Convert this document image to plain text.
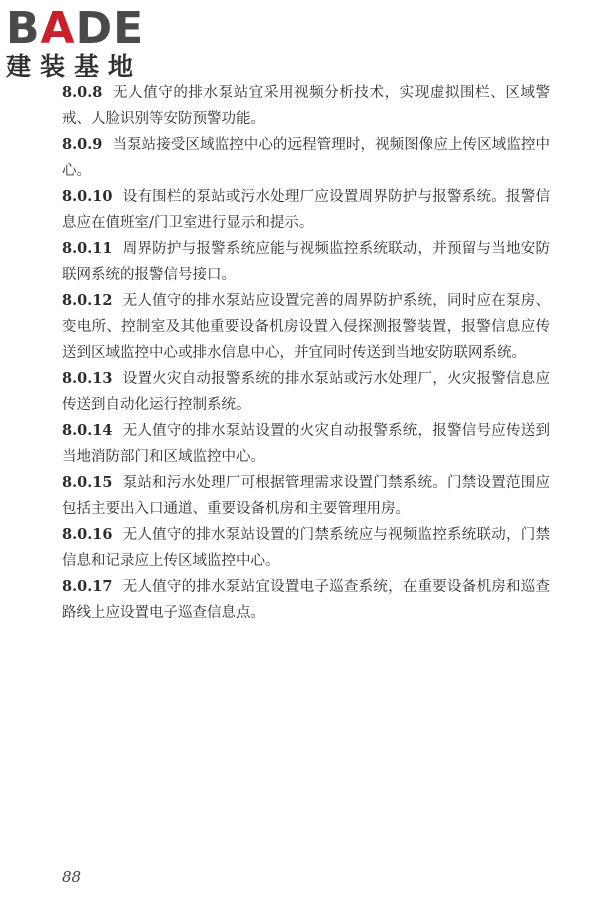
BADE
建装基地

8.0.8 无人值守的排水泵站宜采用视频分析技术，实现虚拟围栏、区域警戒、人脸识别等安防预警功能。

8.0.9 当泵站接受区域监控中心的远程管理时，视频图像应上传区域监控中心。

8.0.10 设有围栏的泵站或污水处理厂应设置周界防护与报警系统。报警信息应在值班室/门卫室进行显示和提示。

8.0.11 周界防护与报警系统应能与视频监控系统联动，并预留与当地安防联网系统的报警信号接口。

8.0.12 无人值守的排水泵站应设置完善的周界防护系统，同时应在泵房、变电所、控制室及其他重要设备机房设置入侵探测报警装置，报警信息应传送到区域监控中心或排水信息中心，并宜同时传送到当地安防联网系统。

8.0.13 设置火灾自动报警系统的排水泵站或污水处理厂，火灾报警信息应传送到自动化运行控制系统。

8.0.14 无人值守的排水泵站设置的火灾自动报警系统，报警信号应传送到当地消防部门和区域监控中心。

8.0.15 泵站和污水处理厂可根据管理需求设置门禁系统。门禁设置范围应包括主要出入口通道、重要设备机房和主要管理用房。

8.0.16 无人值守的排水泵站设置的门禁系统应与视频监控系统联动，门禁信息和记录应上传区域监控中心。

8.0.17 无人值守的排水泵站宜设置电子巡查系统，在重要设备机房和巡查路线上应设置电子巡查信息点。

88
